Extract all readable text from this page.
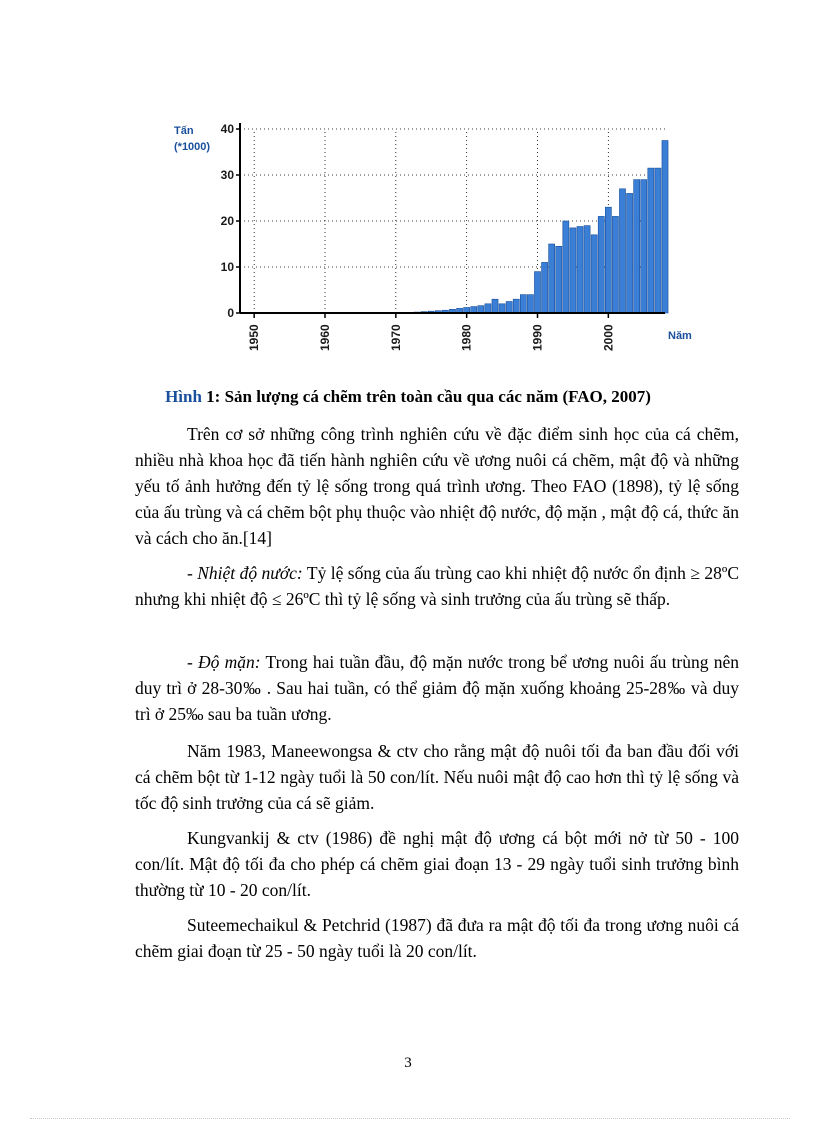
Tấn
(*1000)
0
10
20
30
40
1950	1960	1970	1980	1990	2000	Năm
Hình 1: Sản lượng cá chẽm trên toàn cầu qua các năm (FAO, 2007)

Trên cơ sở những công trình nghiên cứu về đặc điểm sinh học của cá chẽm, nhiều nhà khoa học đã tiến hành nghiên cứu về ương nuôi cá chẽm, mật độ và những yếu tố ảnh hưởng đến tỷ lệ sống trong quá trình ương. Theo FAO (1898), tỷ lệ sống của ấu trùng và cá chẽm bột phụ thuộc vào nhiệt độ nước, độ mặn , mật độ cá, thức ăn và cách cho ăn.[14]

- Nhiệt độ nước: Tỷ lệ sống của ấu trùng cao khi nhiệt độ nước ổn định ≥ 28ºC nhưng khi nhiệt độ ≤ 26ºC thì tỷ lệ sống và sinh trưởng của ấu trùng sẽ thấp.

- Độ mặn: Trong hai tuần đầu, độ mặn nước trong bể ương nuôi ấu trùng nên duy trì ở 28-30‰ . Sau hai tuần, có thể giảm độ mặn xuống khoảng 25-28‰ và duy trì ở 25‰ sau ba tuần ương.

Năm 1983, Maneewongsa & ctv cho rằng mật độ nuôi tối đa ban đầu đối với cá chẽm bột từ 1-12 ngày tuổi là 50 con/lít. Nếu nuôi mật độ cao hơn thì tỷ lệ sống và tốc độ sinh trưởng của cá sẽ giảm.

Kungvankij & ctv (1986) đề nghị mật độ ương cá bột mới nở từ 50 - 100 con/lít. Mật độ tối đa cho phép cá chẽm giai đoạn 13 - 29 ngày tuổi sinh trưởng bình thường từ 10 - 20 con/lít.

Suteemechaikul & Petchrid (1987) đã đưa ra mật độ tối đa trong ương nuôi cá chẽm giai đoạn từ 25 - 50 ngày tuổi là 20 con/lít.

3
